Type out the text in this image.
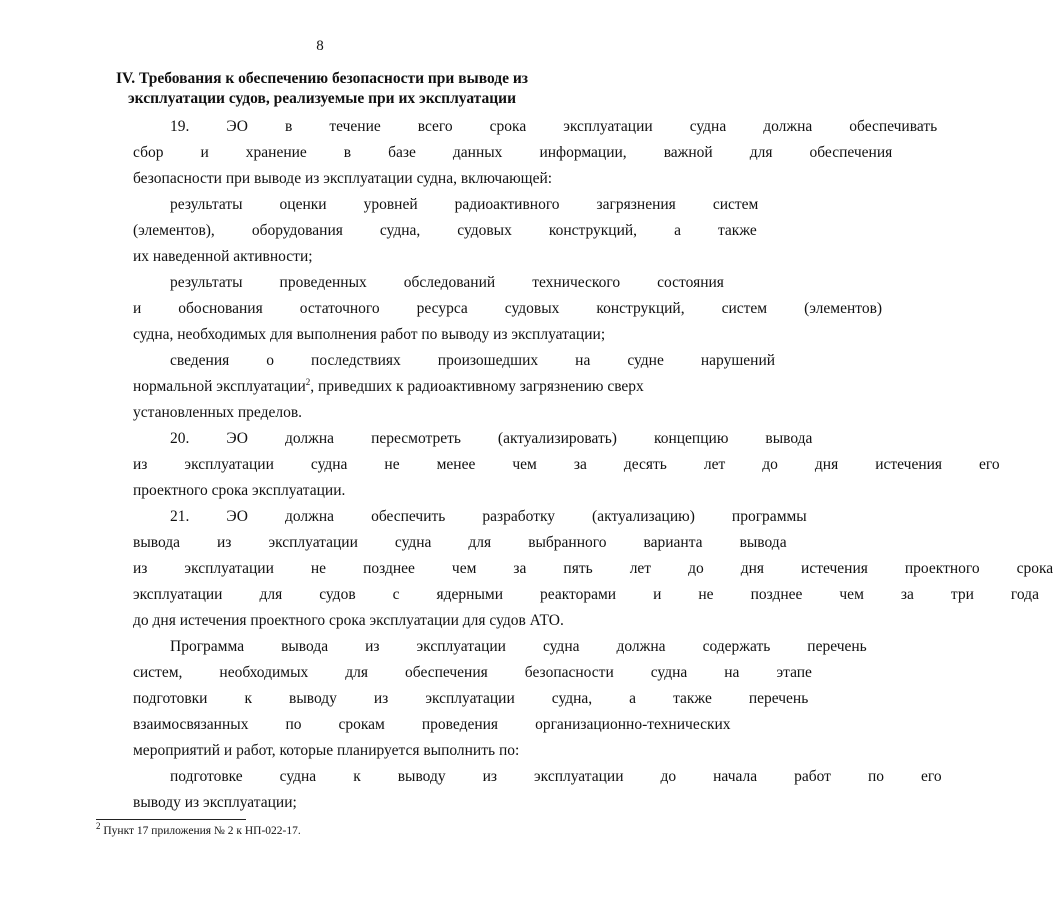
8
IV. Требования к обеспечению безопасности при выводе из
эксплуатации судов, реализуемые при их эксплуатации
19.	ЭО	в	течение	всего	срока	эксплуатации	судна	должна	обеспечивать
сбор	и	хранение	в	базе	данных	информации,	важной	для	обеспечения
безопасности при выводе из эксплуатации судна, включающей:
результаты	оценки	уровней	радиоактивного	загрязнения	систем
(элементов),	оборудования	судна,	судовых	конструкций,	а	также
их наведенной активности;
результаты	проведенных	обследований	технического	состояния
и	обоснования	остаточного	ресурса	судовых	конструкций,	систем	(элементов)
судна, необходимых для выполнения работ по выводу из эксплуатации;
сведения	о	последствиях	произошедших	на	судне	нарушений
нормальной эксплуатации$^2$, приведших к радиоактивному загрязнению сверх
установленных пределов.
20.	ЭО	должна	пересмотреть	(актуализировать)	концепцию	вывода
из	эксплуатации	судна	не	менее	чем	за	десять	лет	до	дня	истечения	его
проектного срока эксплуатации.
21.	ЭО	должна	обеспечить	разработку	(актуализацию)	программы
вывода	из	эксплуатации	судна	для	выбранного	варианта	вывода
из	эксплуатации	не	позднее	чем	за	пять	лет	до	дня	истечения	проектного	срока
эксплуатации	для	судов	с	ядерными	реакторами	и	не	позднее	чем	за	три	года
до дня истечения проектного срока эксплуатации для судов АТО.
Программа	вывода	из	эксплуатации	судна	должна	содержать	перечень
систем,	необходимых	для	обеспечения	безопасности	судна	на	этапе
подготовки	к	выводу	из	эксплуатации	судна,	а	также	перечень
взаимосвязанных	по	срокам	проведения	организационно-технических
мероприятий и работ, которые планируется выполнить по:
подготовке	судна	к	выводу	из	эксплуатации	до	начала	работ	по	его
выводу из эксплуатации;
$^2$ Пункт 17 приложения № 2 к НП-022-17.
